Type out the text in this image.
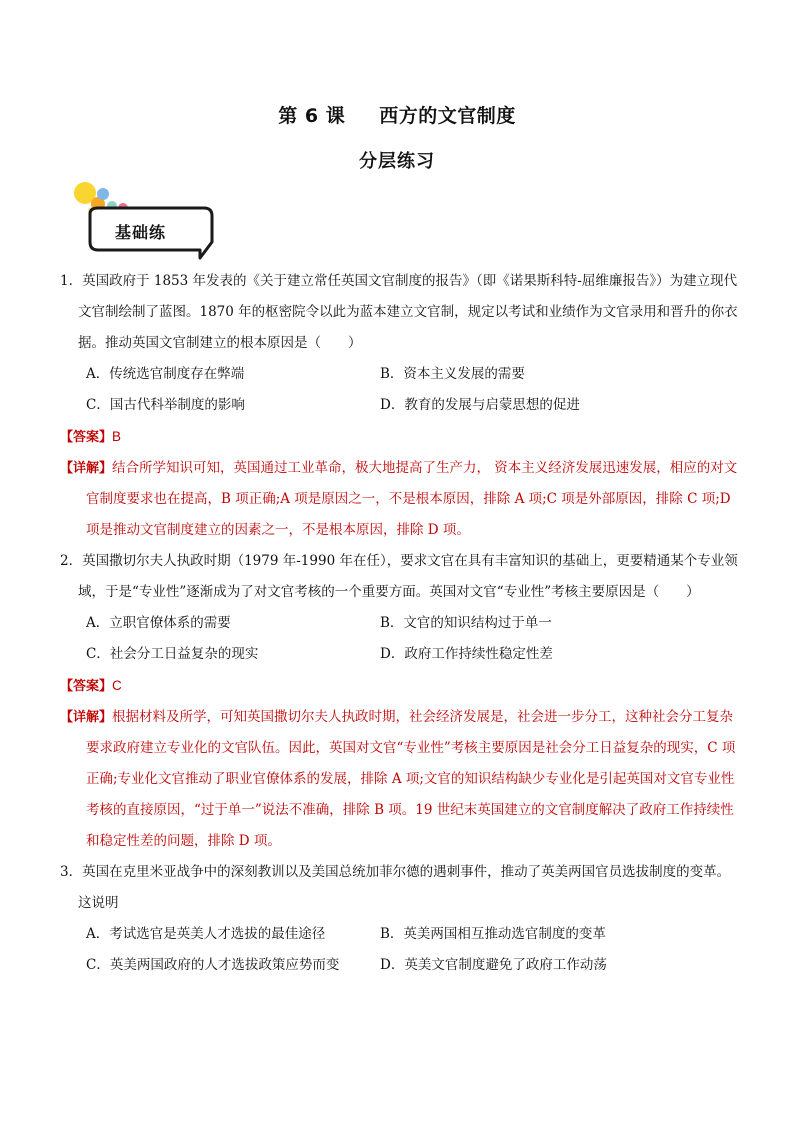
第 6 课 西方的文官制度
分层练习
基础练
1．英国政府于 1853 年发表的《关于建立常任英国文官制度的报告》（即《诺果斯科特-屈维廉报告》）为建立现代文官制绘制了蓝图。1870 年的枢密院令以此为蓝本建立文官制，规定以考试和业绩作为文官录用和晋升的你衣据。推动英国文官制建立的根本原因是（　　）
A．传统选官制度存在弊端	B．资本主义发展的需要
C．国古代科举制度的影响	D．教育的发展与启蒙思想的促进
【答案】B
【详解】结合所学知识可知，英国通过工业革命，极大地提高了生产力， 资本主义经济发展迅速发展，相应的对文官制度要求也在提高，B 项正确;A 项是原因之一，不是根本原因，排除 A 项;C 项是外部原因，排除 C 项;D 项是推动文官制度建立的因素之一，不是根本原因，排除 D 项。
2．英国撒切尔夫人执政时期（1979 年-1990 年在任），要求文官在具有丰富知识的基础上，更要精通某个专业领域，于是“专业性”逐渐成为了对文官考核的一个重要方面。英国对文官“专业性”考核主要原因是（　　）
A．立职官僚体系的需要	B．文官的知识结构过于单一
C．社会分工日益复杂的现实	D．政府工作持续性稳定性差
【答案】C
【详解】根据材料及所学，可知英国撒切尔夫人执政时期，社会经济发展是，社会进一步分工，这种社会分工复杂要求政府建立专业化的文官队伍。因此，英国对文官“专业性”考核主要原因是社会分工日益复杂的现实，C 项正确;专业化文官推动了职业官僚体系的发展，排除 A 项;文官的知识结构缺少专业化是引起英国对文官专业性考核的直接原因，“过于单一”说法不准确，排除 B 项。19 世纪末英国建立的文官制度解决了政府工作持续性和稳定性差的问题，排除 D 项。
3．英国在克里米亚战争中的深刻教训以及美国总统加菲尔德的遇刺事件，推动了英美两国官员选拔制度的变革。这说明
A．考试选官是英美人才选拔的最佳途径	B．英美两国相互推动选官制度的变革
C．英美两国政府的人才选拔政策应势而变	D．英美文官制度避免了政府工作动荡
